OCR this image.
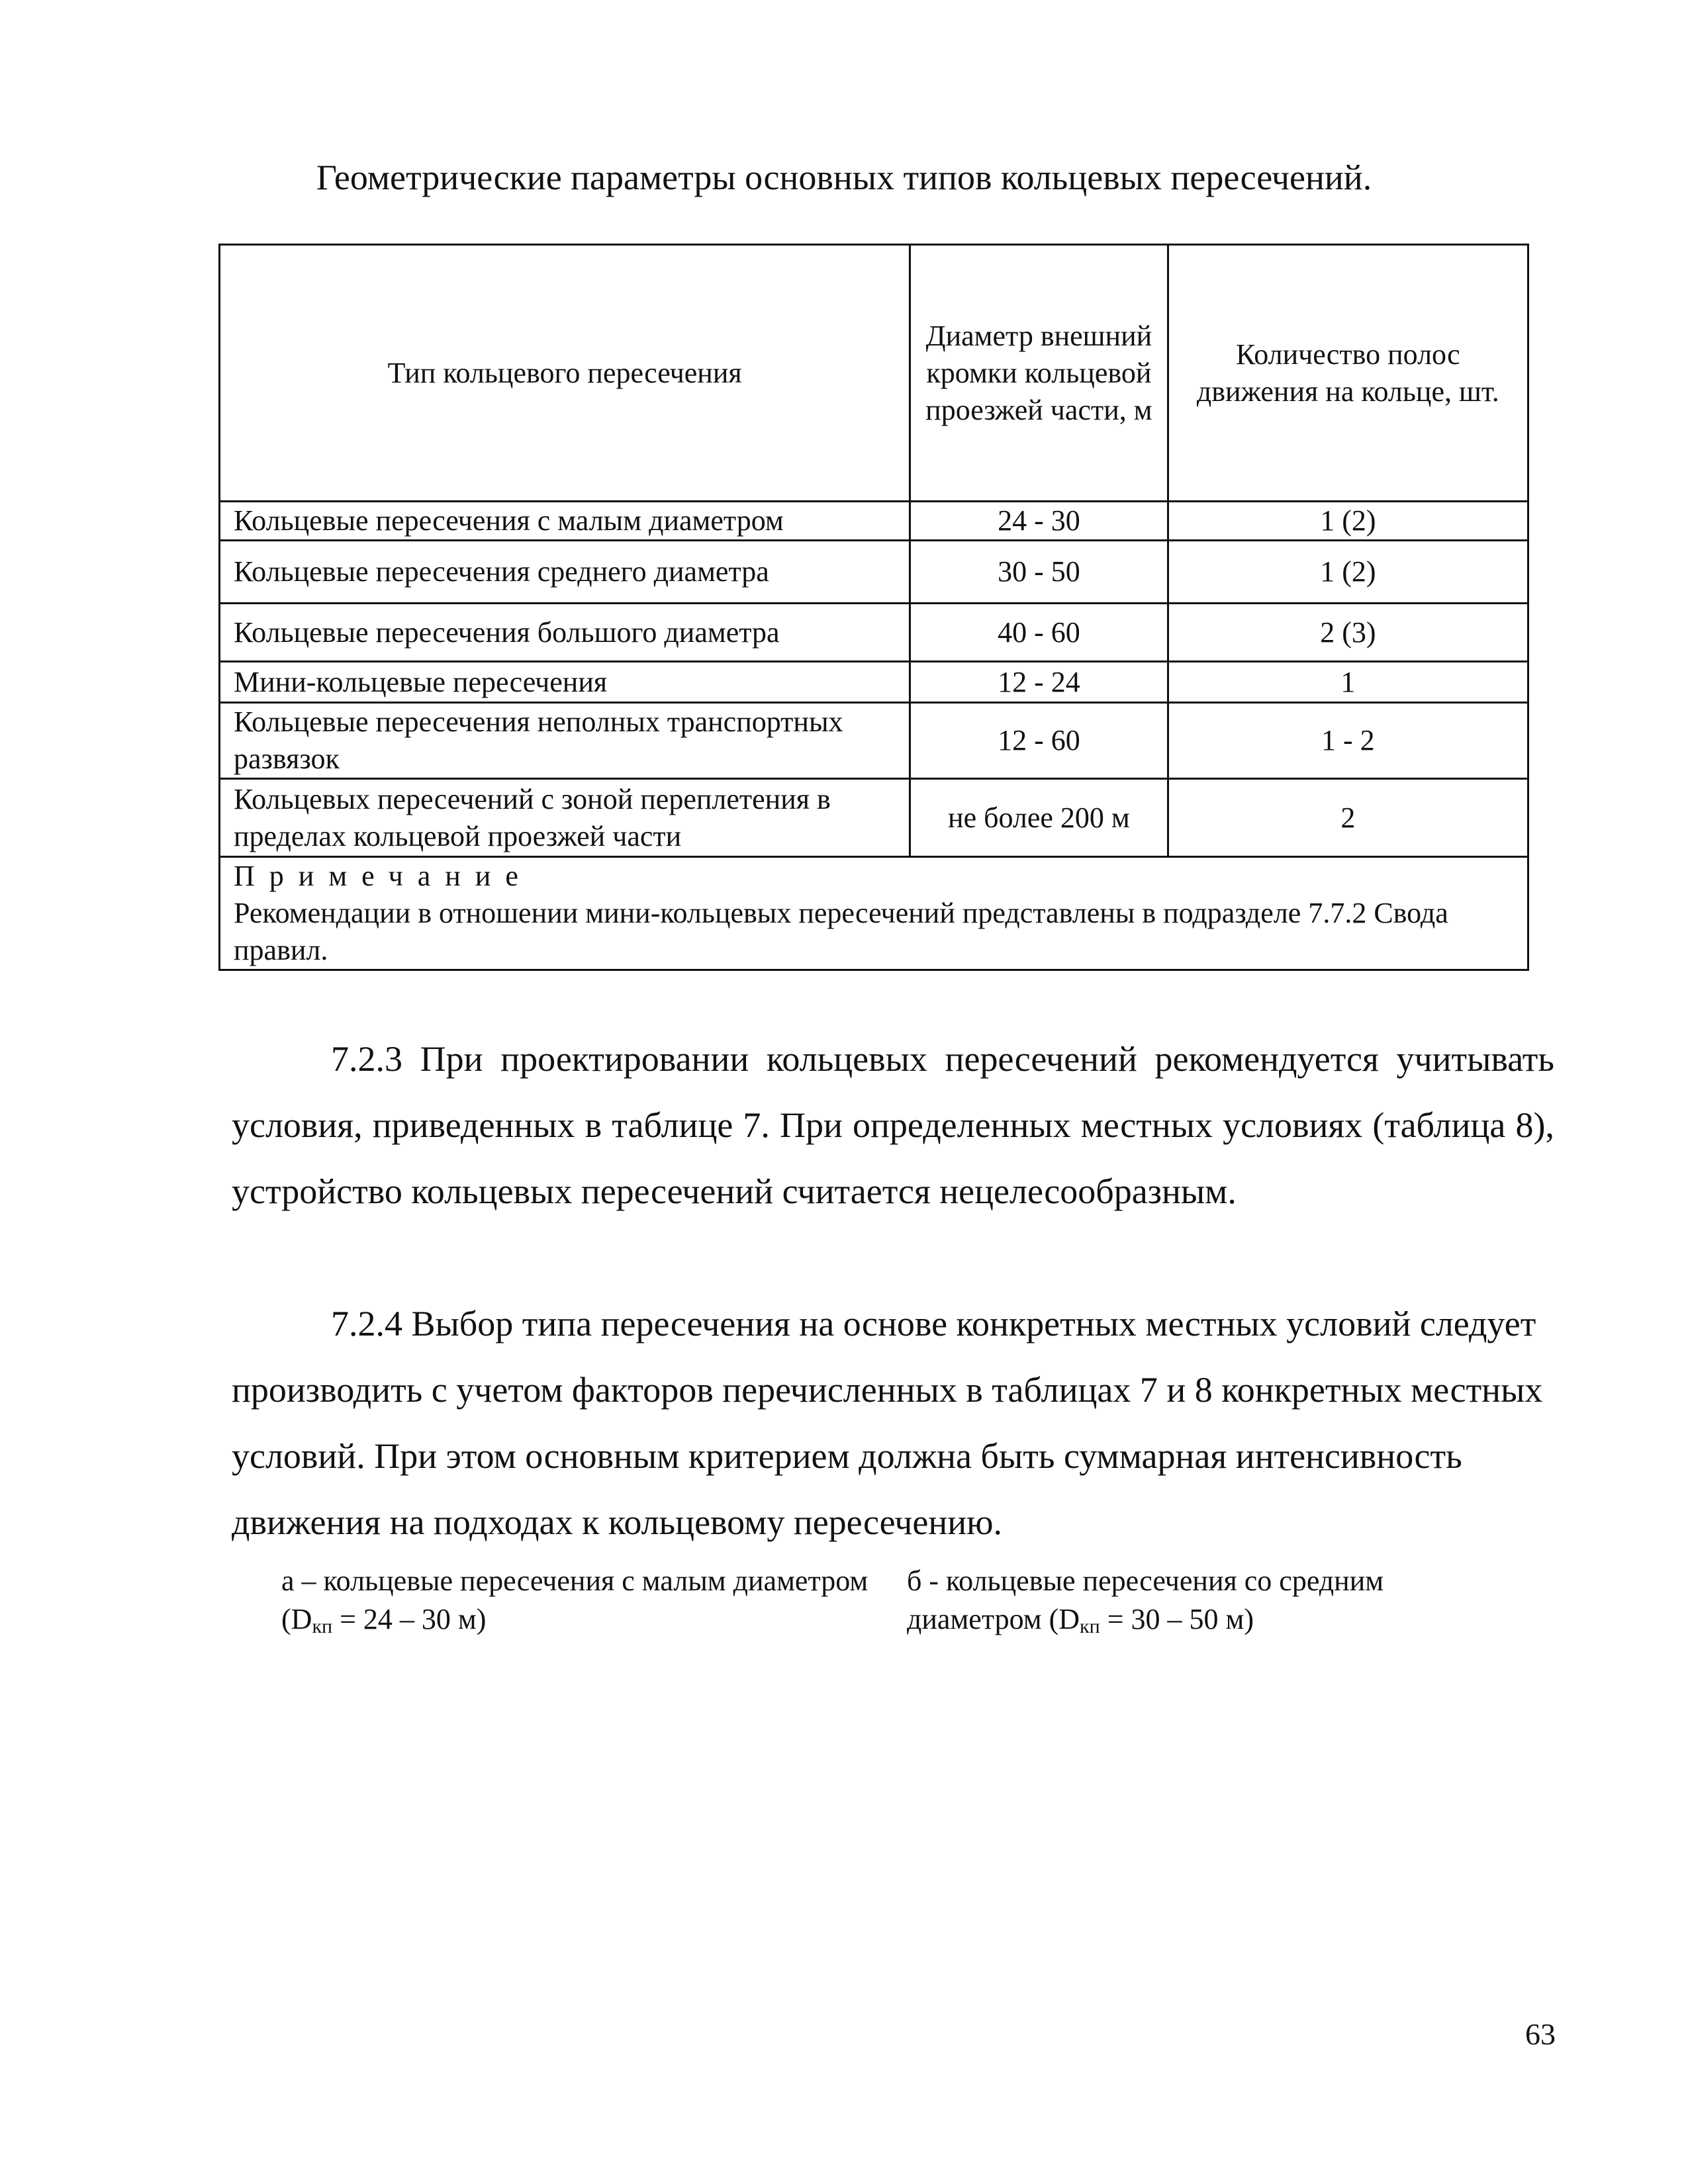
Геометрические параметры основных типов кольцевых пересечений.
Тип кольцевого пересечения	Диаметр внешний кромки кольцевой проезжей части, м	Количество полос движения на кольце, шт.
Кольцевые пересечения с малым диаметром	24 - 30	1 (2)
Кольцевые пересечения среднего диаметра	30 - 50	1 (2)
Кольцевые пересечения большого диаметра	40 - 60	2 (3)
Мини-кольцевые пересечения	12 - 24	1
Кольцевые пересечения неполных транспортных развязок	12 - 60	1 - 2
Кольцевых пересечений с зоной переплетения в пределах кольцевой проезжей части	не более 200 м	2

Примечание
Рекомендации в отношении мини-кольцевых пересечений представлены в подразделе 7.7.2 Свода правил.		

7.2.3 При проектировании кольцевых пересечений рекомендуется учитывать условия, приведенных в таблице 7. При определенных местных условиях (таблица 8), устройство кольцевых пересечений считается нецелесообразным.

7.2.4 Выбор типа пересечения на основе конкретных местных условий следует производить с учетом факторов перечисленных в таблицах 7 и 8 конкретных местных условий. При этом основным критерием должна быть суммарная интенсивность движения на подходах к кольцевому пересечению.

а – кольцевые пересечения с малым диаметром ($D_{кп} = 24 - 30$ м)
б - кольцевые пересечения со средним диаметром ($D_{кп} = 30 - 50$ м)
63
